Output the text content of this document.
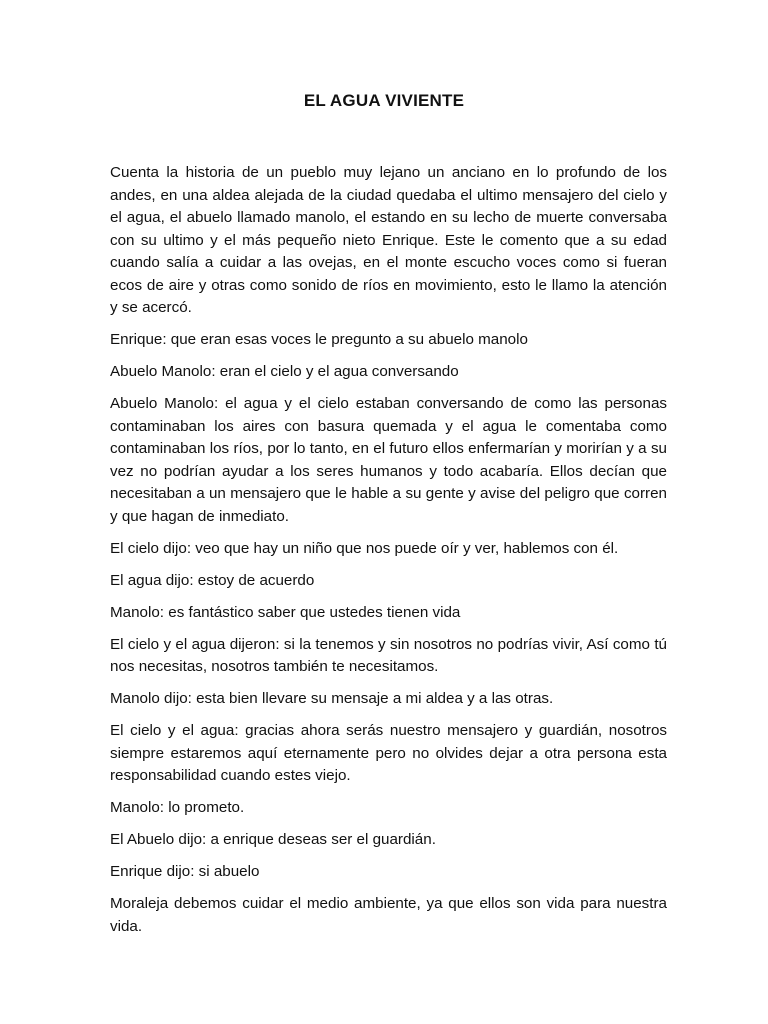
EL AGUA VIVIENTE

Cuenta la historia de un pueblo muy lejano un anciano en lo profundo de los andes, en una aldea alejada de la ciudad quedaba el ultimo mensajero del cielo y el agua, el abuelo llamado manolo, el estando en su lecho de muerte conversaba con su ultimo y el más pequeño nieto Enrique. Este le comento que a su edad cuando salía a cuidar a las ovejas, en el monte escucho voces como si fueran ecos de aire y otras como sonido de ríos en movimiento, esto le llamo la atención y se acercó.

Enrique: que eran esas voces le pregunto a su abuelo manolo

Abuelo Manolo: eran el cielo y el agua conversando

Abuelo Manolo: el agua y el cielo estaban conversando de como las personas contaminaban los aires con basura quemada y el agua le comentaba como contaminaban los ríos, por lo tanto, en el futuro ellos enfermarían y morirían y a su vez no podrían ayudar a los seres humanos y todo acabaría. Ellos decían que necesitaban a un mensajero que le hable a su gente y avise del peligro que corren y que hagan de inmediato.

El cielo dijo: veo que hay un niño que nos puede oír y ver, hablemos con él.

El agua dijo: estoy de acuerdo

Manolo: es fantástico saber que ustedes tienen vida

El cielo y el agua dijeron: si la tenemos y sin nosotros no podrías vivir, Así como tú nos necesitas, nosotros también te necesitamos.

Manolo dijo: esta bien llevare su mensaje a mi aldea y a las otras.

El cielo y el agua: gracias ahora serás nuestro mensajero y guardián, nosotros siempre estaremos aquí eternamente pero no olvides dejar a otra persona esta responsabilidad cuando estes viejo.

Manolo: lo prometo.

El Abuelo dijo: a enrique deseas ser el guardián.

Enrique dijo: si abuelo

Moraleja debemos cuidar el medio ambiente, ya que ellos son vida para nuestra vida.
